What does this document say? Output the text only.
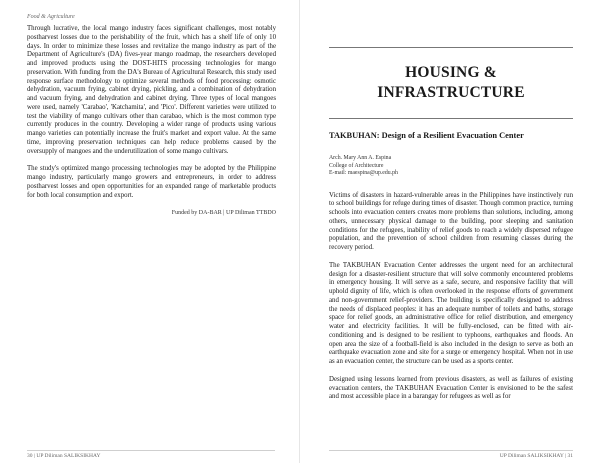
Food & Agriculture

Through lucrative, the local mango industry faces significant challenges, most notably postharvest losses due to the perishability of the fruit, which has a shelf life of only 10 days. In order to minimize these losses and revitalize the mango industry as part of the Department of Agriculture's (DA) fives-year mango roadmap, the researchers developed and improved products using the DOST-HITS processing technologies for mango preservation. With funding from the DA's Bureau of Agricultural Research, this study used response surface methodology to optimize several methods of food processing: osmotic dehydration, vacuum frying, cabinet drying, pickling, and a combination of dehydration and vacuum frying, and dehydration and cabinet drying. Three types of local mangoes were used, namely 'Carabao', 'Katchamita', and 'Pico'. Different varieties were utilized to test the viability of mango cultivars other than carabao, which is the most common type currently produces in the country. Developing a wider range of products using various mango varieties can potentially increase the fruit's market and export value. At the same time, improving preservation techniques can help reduce problems caused by the oversupply of mangoes and the underutilization of some mango cultivars.

The study's optimized mango processing technologies may be adopted by the Philippine mango industry, particularly mango growers and entrepreneurs, in order to address postharvest losses and open opportunities for an expanded range of marketable products for both local consumption and export.

Funded by DA-BAR | UP Diliman TTBDO
HOUSING &
INFRASTRUCTURE
TAKBUHAN: Design of a Resilient Evacuation Center
Arch. Mary Ann A. Espina
College of Architecture
E-mail: maespina@up.edu.ph

Victims of disasters in hazard-vulnerable areas in the Philippines have instinctively run to school buildings for refuge during times of disaster. Though common practice, turning schools into evacuation centers creates more problems than solutions, including, among others, unnecessary physical damage to the building, poor sleeping and sanitation conditions for the refugees, inability of relief goods to reach a widely dispersed refugee population, and the prevention of school children from resuming classes during the recovery period.

The TAKBUHAN Evacuation Center addresses the urgent need for an architectural design for a disaster-resilient structure that will solve commonly encountered problems in emergency housing. It will serve as a safe, secure, and responsive facility that will uphold dignity of life, which is often overlooked in the response efforts of government and non-government relief-providers. The building is specifically designed to address the needs of displaced peoples: it has an adequate number of toilets and baths, storage space for relief goods, an administrative office for relief distribution, and emergency water and electricity facilities. It will be fully-enclosed, can be fitted with air-conditioning and is designed to be resilient to typhoons, earthquakes and floods. An open area the size of a football-field is also included in the design to serve as both an earthquake evacuation zone and site for a surge or emergency hospital. When not in use as an evacuation center, the structure can be used as a sports center.

Designed using lessons learned from previous disasters, as well as failures of existing evacuation centers, the TAKBUHAN Evacuation Center is envisioned to be the safest and most accessible place in a barangay for refugees as well as for

30 | UP Diliman SALIKSIKHAY	UP Diliman SALIKSIKHAY | 31
